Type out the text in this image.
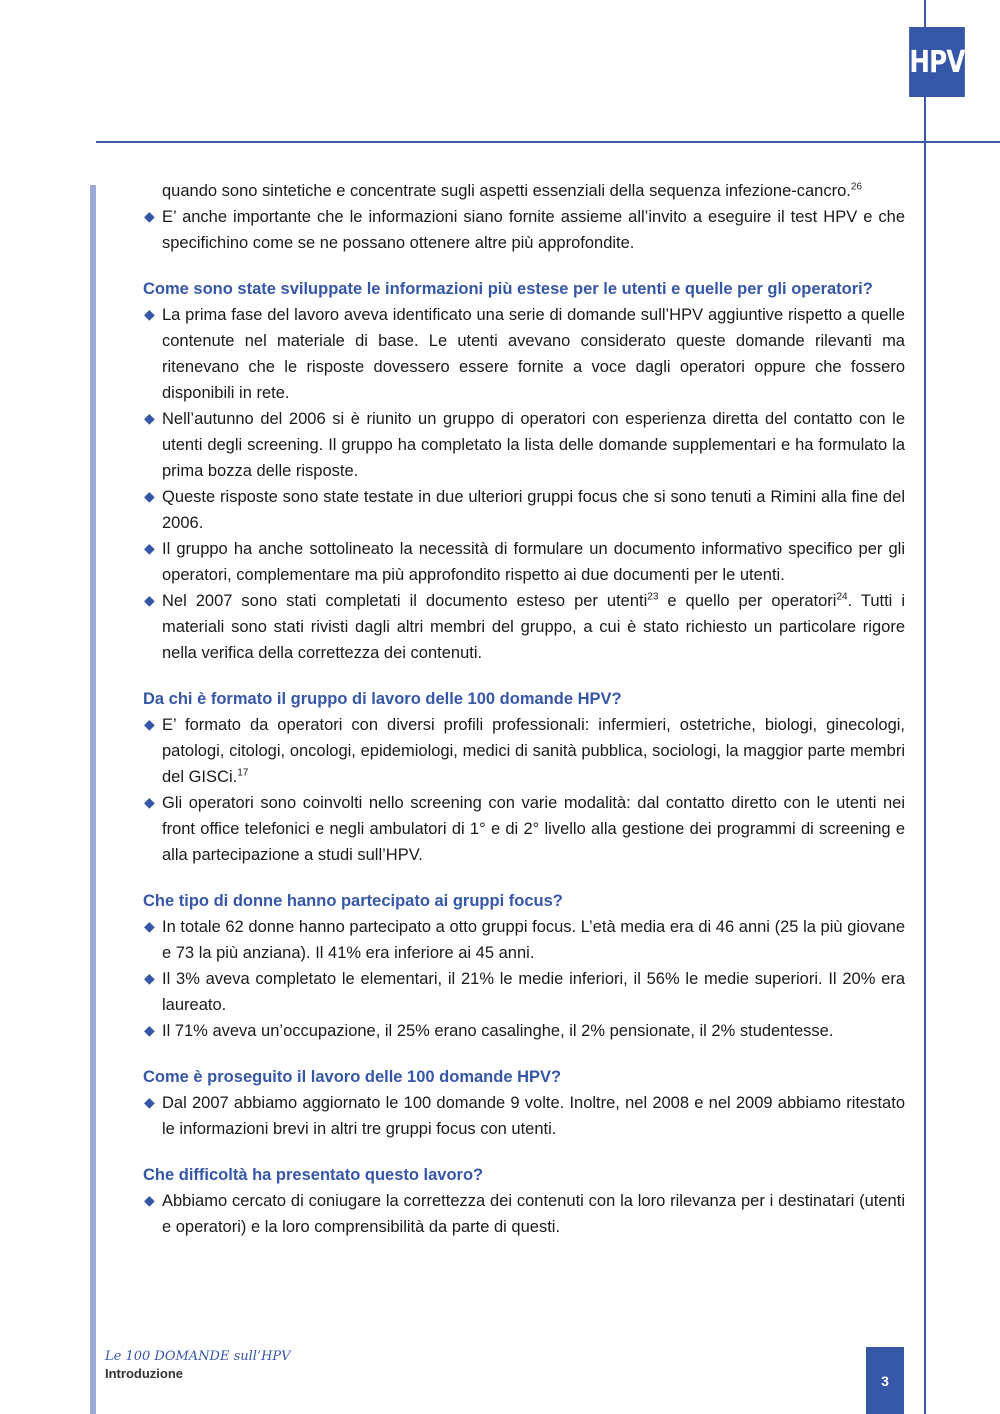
HPV

quando sono sintetiche e concentrate sugli aspetti essenziali della sequenza infezione-cancro.$^{26}$

◆ E’ anche importante che le informazioni siano fornite assieme all’invito a eseguire il test HPV e che specifichino come se ne possano ottenere altre più approfondite.

Come sono state sviluppate le informazioni più estese per le utenti e quelle per gli operatori?

◆ La prima fase del lavoro aveva identificato una serie di domande sull’HPV aggiuntive rispetto a quelle contenute nel materiale di base. Le utenti avevano considerato queste domande rilevanti ma ritenevano che le risposte dovessero essere fornite a voce dagli operatori oppure che fossero disponibili in rete.

◆ Nell’autunno del 2006 si è riunito un gruppo di operatori con esperienza diretta del contatto con le utenti degli screening. Il gruppo ha completato la lista delle domande supplementari e ha formulato la prima bozza delle risposte.

◆ Queste risposte sono state testate in due ulteriori gruppi focus che si sono tenuti a Rimini alla fine del 2006.

◆ Il gruppo ha anche sottolineato la necessità di formulare un documento informativo specifico per gli operatori, complementare ma più approfondito rispetto ai due documenti per le utenti.

◆ Nel 2007 sono stati completati il documento esteso per utenti$^{23}$ e quello per operatori$^{24}$. Tutti i materiali sono stati rivisti dagli altri membri del gruppo, a cui è stato richiesto un particolare rigore nella verifica della correttezza dei contenuti.

Da chi è formato il gruppo di lavoro delle 100 domande HPV?

◆ E’ formato da operatori con diversi profili professionali: infermieri, ostetriche, biologi, ginecologi, patologi, citologi, oncologi, epidemiologi, medici di sanità pubblica, sociologi, la maggior parte membri del GISCi.$^{17}$

◆ Gli operatori sono coinvolti nello screening con varie modalità: dal contatto diretto con le utenti nei front office telefonici e negli ambulatori di 1° e di 2° livello alla gestione dei programmi di screening e alla partecipazione a studi sull’HPV.

Che tipo di donne hanno partecipato ai gruppi focus?

◆ In totale 62 donne hanno partecipato a otto gruppi focus. L’età media era di 46 anni (25 la più giovane e 73 la più anziana). Il 41% era inferiore ai 45 anni.

◆ Il 3% aveva completato le elementari, il 21% le medie inferiori, il 56% le medie superiori. Il 20% era laureato.

◆ Il 71% aveva un’occupazione, il 25% erano casalinghe, il 2% pensionate, il 2% studentesse.

Come è proseguito il lavoro delle 100 domande HPV?

◆ Dal 2007 abbiamo aggiornato le 100 domande 9 volte. Inoltre, nel 2008 e nel 2009 abbiamo ritestato le informazioni brevi in altri tre gruppi focus con utenti.

Che difficoltà ha presentato questo lavoro?

◆ Abbiamo cercato di coniugare la correttezza dei contenuti con la loro rilevanza per i destinatari (utenti e operatori) e la loro comprensibilità da parte di questi.

Le 100 DOMANDE sull’HPV
Introduzione	3
